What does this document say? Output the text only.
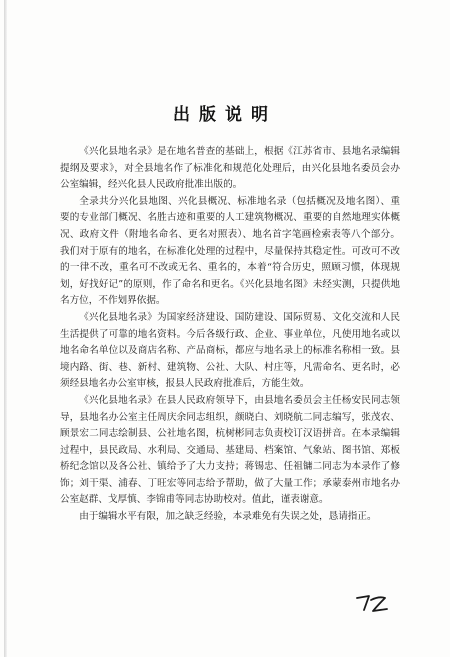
出版说明

《兴化县地名录》是在地名普查的基础上，根据《江苏省市、县地名录编辑提纲及要求》，对全县地名作了标准化和规范化处理后，由兴化县地名委员会办公室编辑，经兴化县人民政府批准出版的。

全录共分兴化县地图、兴化县概况、标准地名录（包括概况及地名图）、重要的专业部门概况、名胜古迹和重要的人工建筑物概况、重要的自然地理实体概况、政府文件（附地名命名、更名对照表）、地名首字笔画检索表等八个部分。我们对于原有的地名，在标准化处理的过程中，尽量保持其稳定性。可改可不改的一律不改，重名可不改或无名、重名的，本着“符合历史，照顾习惯，体现规划，好找好记”的原则，作了命名和更名。《兴化县地名图》未经实测，只提供地名方位，不作划界依据。

《兴化县地名录》为国家经济建设、国防建设、国际贸易、文化交流和人民生活提供了可靠的地名资料。今后各级行政、企业、事业单位，凡使用地名或以地名命名单位以及商店名称、产品商标，都应与地名录上的标准名称相一致。县境内路、街、巷、新村、建筑物、公社、大队、村庄等，凡需命名、更名时，必须经县地名办公室审核，报县人民政府批准后，方能生效。

《兴化县地名录》在县人民政府领导下，由县地名委员会主任杨安民同志领导，县地名办公室主任周庆余同志组织，颜晓白、刘晓航二同志编写，张茂农、顾景宏二同志绘制县、公社地名图，杭树彬同志负责校订汉语拼音。在本录编辑过程中，县民政局、水利局、交通局、基建局、档案馆、气象站、图书馆、郑板桥纪念馆以及各公社、镇给予了大力支持；蒋锡忠、任祖镛二同志为本录作了修饰；刘干渠、浦春、丁旺宏等同志给予帮助，做了大量工作；承蒙泰州市地名办公室赵群、戈厚慎、李锦甫等同志协助校对。值此，谨表谢意。

由于编辑水平有限，加之缺乏经验，本录难免有失误之处，恳请指正。
